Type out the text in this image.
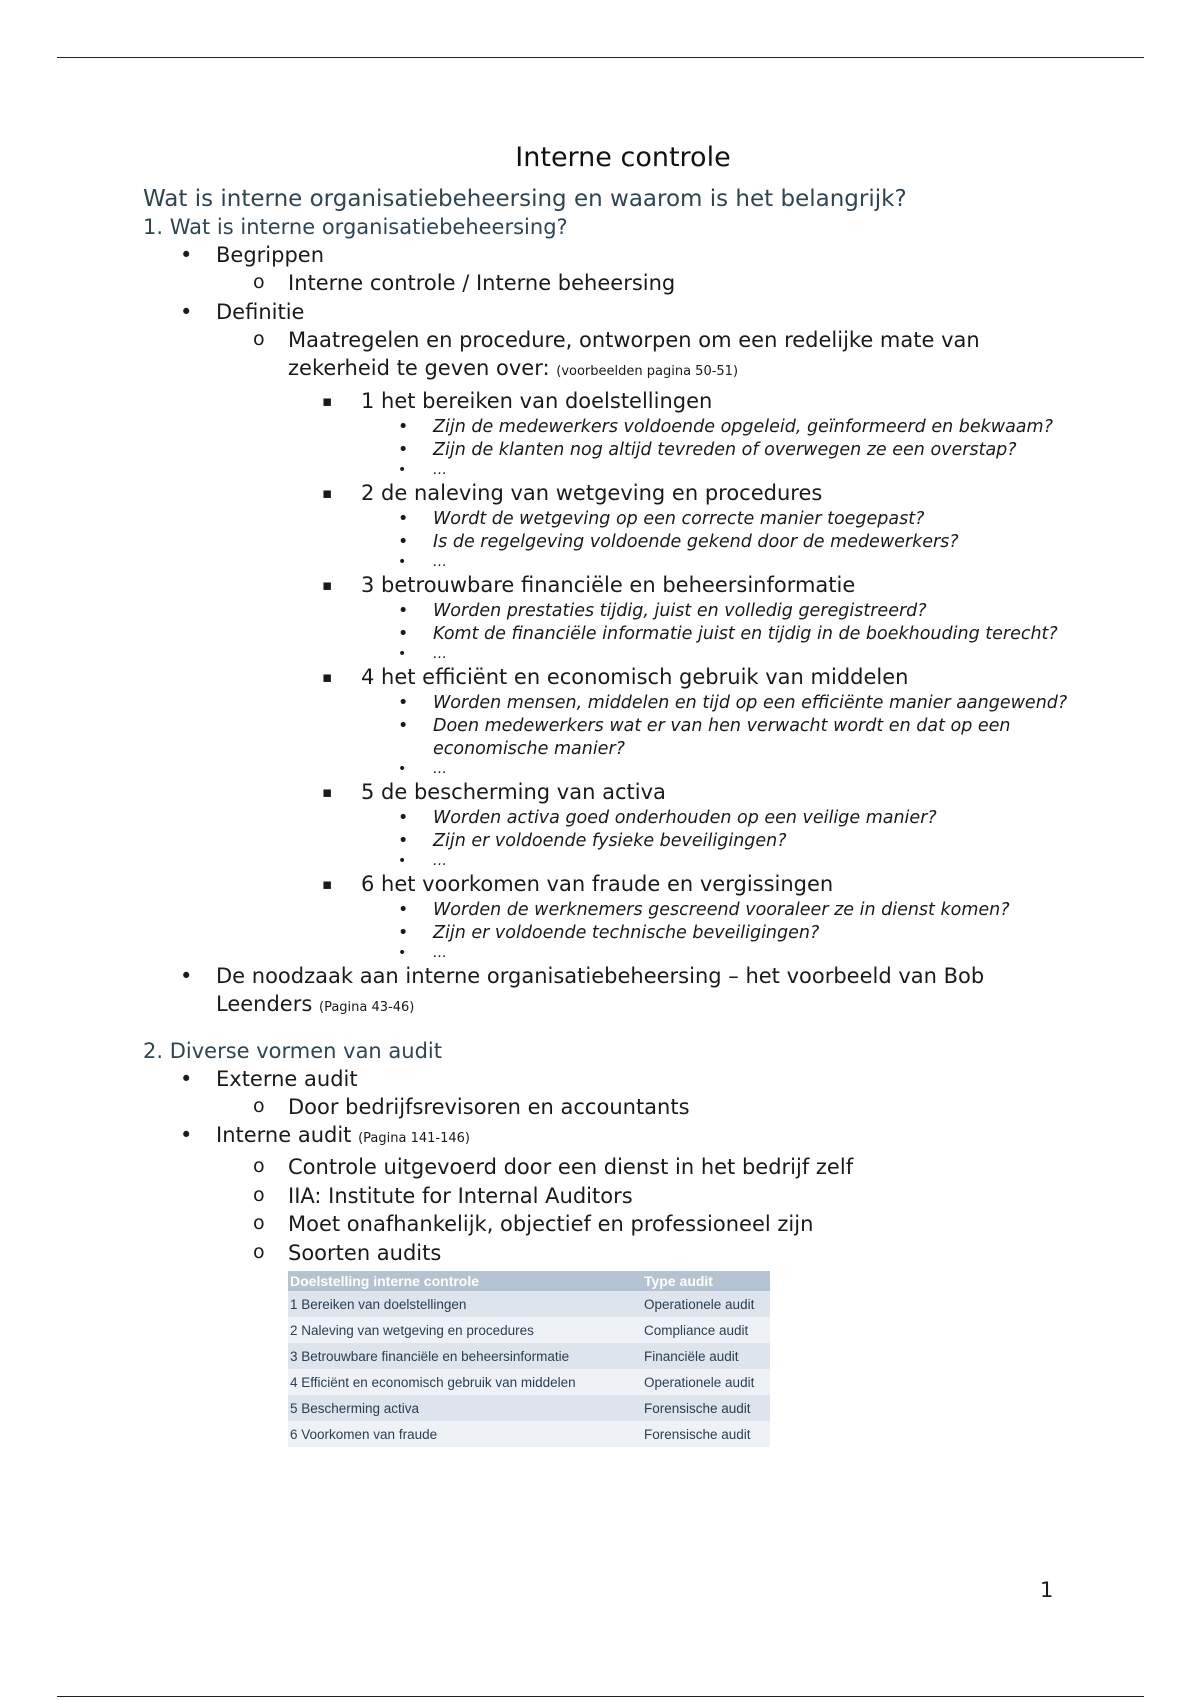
Interne controle
Wat is interne organisatiebeheersing en waarom is het belangrijk?
1. Wat is interne organisatiebeheersing?
• Begrippen
o Interne controle / Interne beheersing
• Definitie
o Maatregelen en procedure, ontworpen om een redelijke mate van zekerheid te geven over: (voorbeelden pagina 50-51)
▪ 1 het bereiken van doelstellingen
• Zijn de medewerkers voldoende opgeleid, geïnformeerd en bekwaam?
• Zijn de klanten nog altijd tevreden of overwegen ze een overstap?
• …
▪ 2 de naleving van wetgeving en procedures
• Wordt de wetgeving op een correcte manier toegepast?
• Is de regelgeving voldoende gekend door de medewerkers?
• …
▪ 3 betrouwbare financiële en beheersinformatie
• Worden prestaties tijdig, juist en volledig geregistreerd?
• Komt de financiële informatie juist en tijdig in de boekhouding terecht?
• …
▪ 4 het efficiënt en economisch gebruik van middelen
• Worden mensen, middelen en tijd op een efficiënte manier aangewend?
• Doen medewerkers wat er van hen verwacht wordt en dat op een economische manier?
• …
▪ 5 de bescherming van activa
• Worden activa goed onderhouden op een veilige manier?
• Zijn er voldoende fysieke beveiligingen?
• …
▪ 6 het voorkomen van fraude en vergissingen
• Worden de werknemers gescreend vooraleer ze in dienst komen?
• Zijn er voldoende technische beveiligingen?
• …
• De noodzaak aan interne organisatiebeheersing – het voorbeeld van Bob Leenders (Pagina 43-46)
2. Diverse vormen van audit
• Externe audit
o Door bedrijfsrevisoren en accountants
• Interne audit (Pagina 141-146)
o Controle uitgevoerd door een dienst in het bedrijf zelf
o IIA: Institute for Internal Auditors
o Moet onafhankelijk, objectief en professioneel zijn
o Soorten audits
Doelstelling interne controle	Type audit
1 Bereiken van doelstellingen	Operationele audit
2 Naleving van wetgeving en procedures	Compliance audit
3 Betrouwbare financiële en beheersinformatie	Financiële audit
4 Efficiënt en economisch gebruik van middelen	Operationele audit
5 Bescherming activa	Forensische audit
6 Voorkomen van fraude	Forensische audit
1
